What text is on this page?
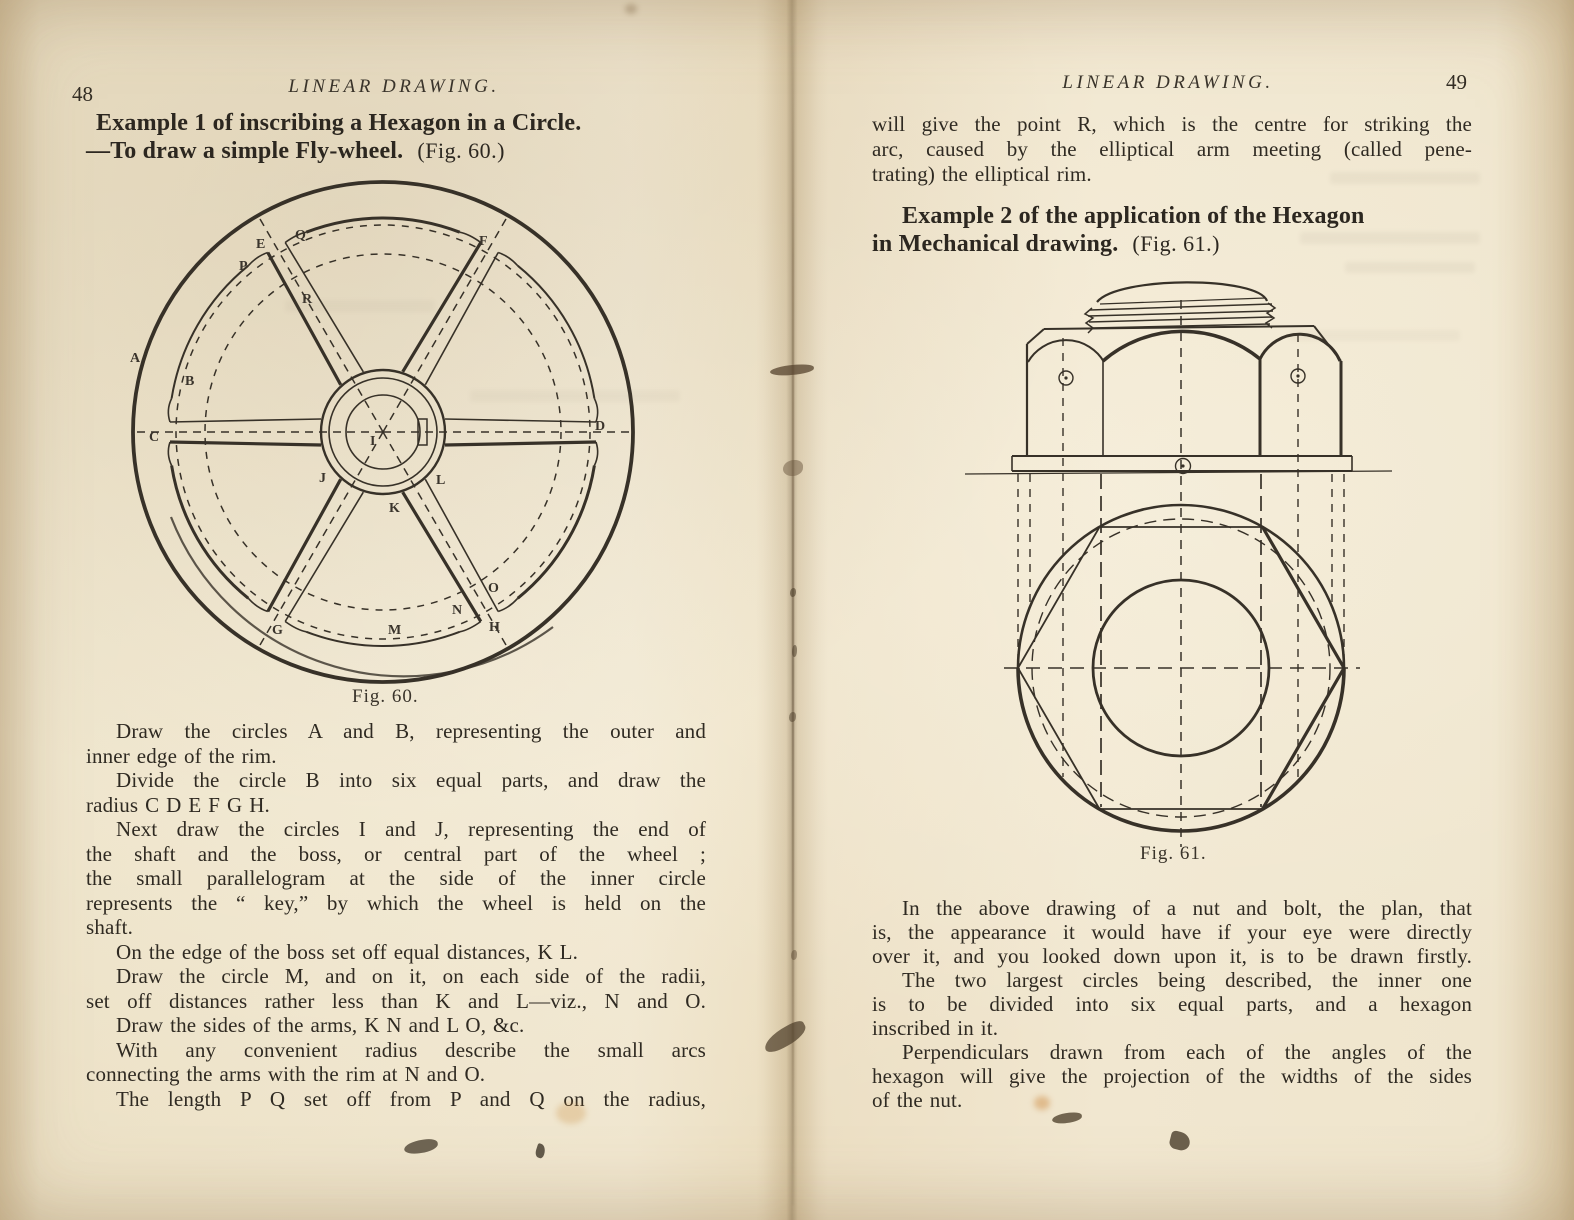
48	LINEAR DRAWING.
Example 1 of inscribing a Hexagon in a Circle.
—To draw a simple Fly-wheel. (Fig. 60.)
A
B
C
D
E	F
G	H
I
J
K
L
M
N
O
P
Q
R
Fig. 60.
Draw the circles A and B, representing the outer and
inner edge of the rim.
Divide the circle B into six equal parts, and draw the
radius C D E F G H.
Next draw the circles I and J, representing the end of
the shaft and the boss, or central part of the wheel ;
the small parallelogram at the side of the inner circle
represents the “ key,” by which the wheel is held on the
shaft.
On the edge of the boss set off equal distances, K L.
Draw the circle M, and on it, on each side of the radii,
set off distances rather less than K and L—viz., N and O.
Draw the sides of the arms, K N and L O, &c.
With any convenient radius describe the small arcs
connecting the arms with the rim at N and O.
The length P Q set off from P and Q on the radius,
49
LINEAR DRAWING.
will give the point R, which is the centre for striking the
arc, caused by the elliptical arm meeting (called pene-
trating) the elliptical rim.
Example 2 of the application of the Hexagon
in Mechanical drawing. (Fig. 61.)
Fig. 61.
In the above drawing of a nut and bolt, the plan, that
is, the appearance it would have if your eye were directly
over it, and you looked down upon it, is to be drawn firstly.
The two largest circles being described, the inner one
is to be divided into six equal parts, and a hexagon
inscribed in it.
Perpendiculars drawn from each of the angles of the
hexagon will give the projection of the widths of the sides
of the nut.
